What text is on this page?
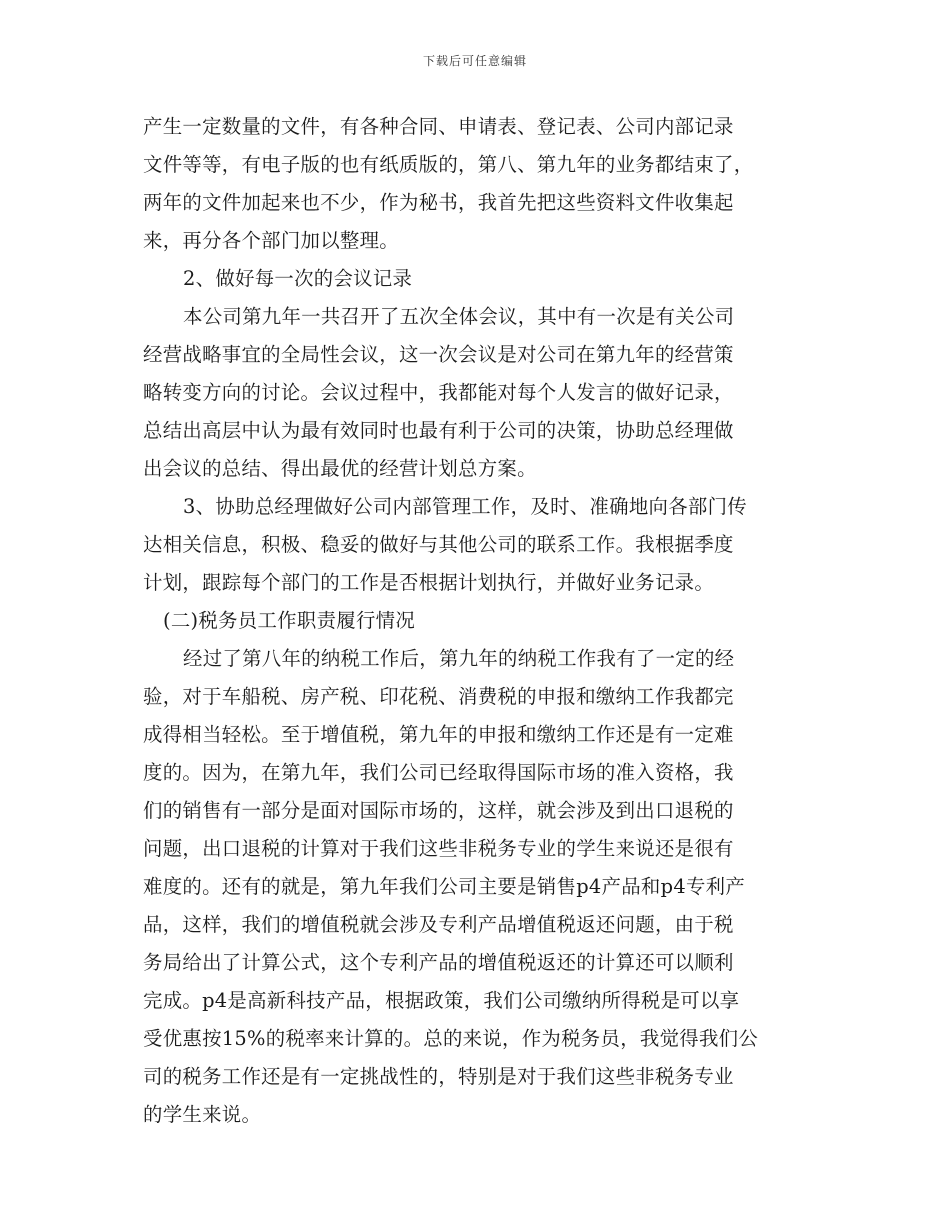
下载后可任意编辑
产生一定数量的文件，有各种合同、申请表、登记表、公司内部记录
文件等等，有电子版的也有纸质版的，第八、第九年的业务都结束了，
两年的文件加起来也不少，作为秘书，我首先把这些资料文件收集起
来，再分各个部门加以整理。
2、做好每一次的会议记录
本公司第九年一共召开了五次全体会议，其中有一次是有关公司
经营战略事宜的全局性会议，这一次会议是对公司在第九年的经营策
略转变方向的讨论。会议过程中，我都能对每个人发言的做好记录，
总结出高层中认为最有效同时也最有利于公司的决策，协助总经理做
出会议的总结、得出最优的经营计划总方案。
3、协助总经理做好公司内部管理工作，及时、准确地向各部门传
达相关信息，积极、稳妥的做好与其他公司的联系工作。我根据季度
计划，跟踪每个部门的工作是否根据计划执行，并做好业务记录。
(二)税务员工作职责履行情况
经过了第八年的纳税工作后，第九年的纳税工作我有了一定的经
验，对于车船税、房产税、印花税、消费税的申报和缴纳工作我都完
成得相当轻松。至于增值税，第九年的申报和缴纳工作还是有一定难
度的。因为，在第九年，我们公司已经取得国际市场的准入资格，我
们的销售有一部分是面对国际市场的，这样，就会涉及到出口退税的
问题，出口退税的计算对于我们这些非税务专业的学生来说还是很有
难度的。还有的就是，第九年我们公司主要是销售p4产品和p4专利产
品，这样，我们的增值税就会涉及专利产品增值税返还问题，由于税
务局给出了计算公式，这个专利产品的增值税返还的计算还可以顺利
完成。p4是高新科技产品，根据政策，我们公司缴纳所得税是可以享
受优惠按15%的税率来计算的。总的来说，作为税务员，我觉得我们公
司的税务工作还是有一定挑战性的，特别是对于我们这些非税务专业
的学生来说。
